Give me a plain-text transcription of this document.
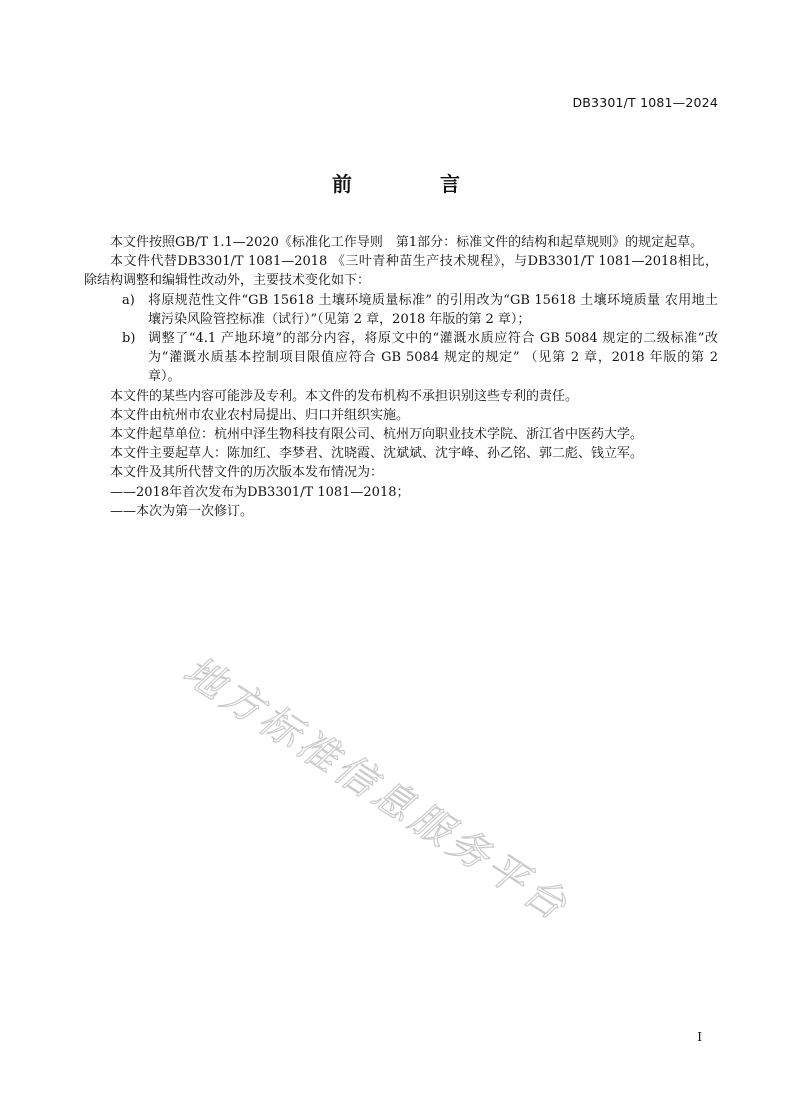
DB3301/T 1081—2024
前　言

本文件按照GB/T 1.1—2020《标准化工作导则　第1部分：标准文件的结构和起草规则》的规定起草。

本文件代替DB3301/T 1081—2018 《三叶青种苗生产技术规程》，与DB3301/T 1081—2018相比，除结构调整和编辑性改动外，主要技术变化如下：

a)	将原规范性文件“GB 15618 土壤环境质量标准” 的引用改为“GB 15618 土壤环境质量 农用地土壤污染风险管控标准（试行）”（见第 2 章，2018 年版的第 2 章）；
b) 调整了“4.1 产地环境”的部分内容，将原文中的“灌溉水质应符合 GB 5084 规定的二级标准”改为“灌溉水质基本控制项目限值应符合 GB 5084 规定的规定” （见第 2 章，2018 年版的第 2 章）。

本文件的某些内容可能涉及专利。本文件的发布机构不承担识别这些专利的责任。

本文件由杭州市农业农村局提出、归口并组织实施。

本文件起草单位：杭州中泽生物科技有限公司、杭州万向职业技术学院、浙江省中医药大学。

本文件主要起草人：陈加红、李梦君、沈晓霞、沈斌斌、沈宇峰、孙乙铭、郭二彪、钱立军。

本文件及其所代替文件的历次版本发布情况为：

——2018年首次发布为DB3301/T 1081—2018；

——本次为第一次修订。

地方标准信息服务平台
I
